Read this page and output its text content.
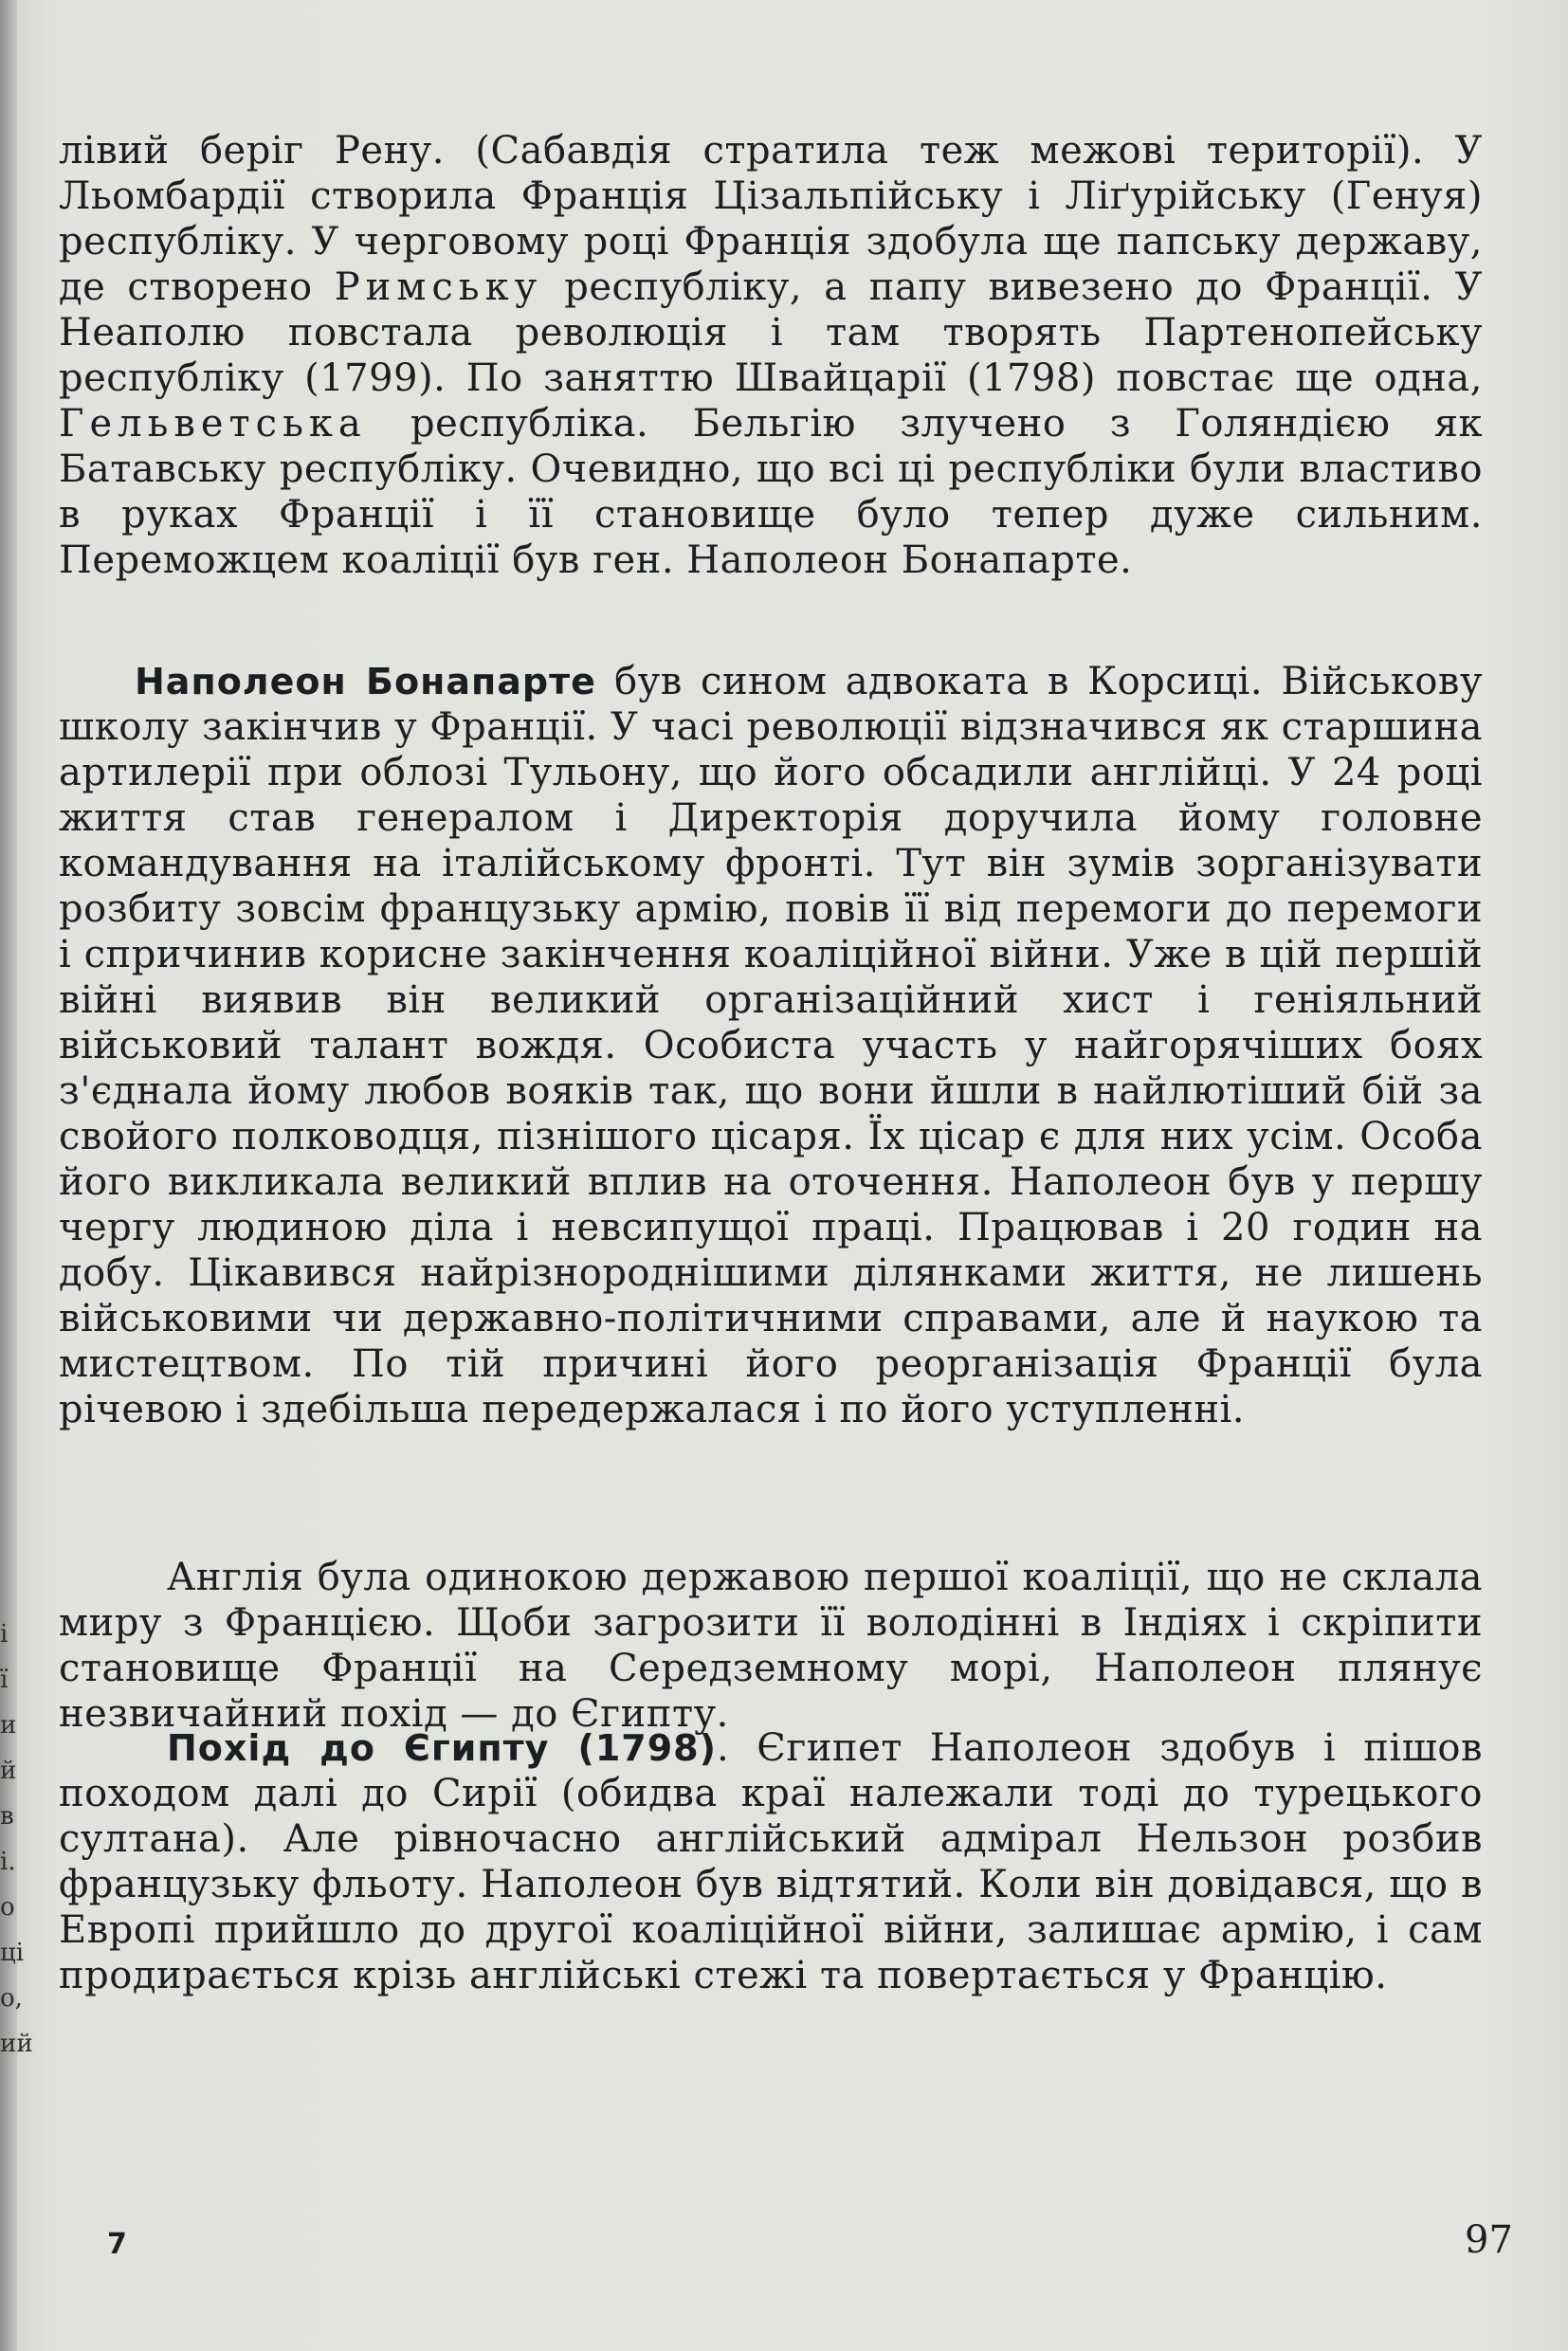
і
ї
и
й
в
і.
о
ці
о,
ий

лівий беріг Рену. (Сабавдія стратила теж межові території). У Льомбардії створила Франція Цізальпійську і Ліґурійську (Генуя) республіку. У черговому році Франція здобула ще папську державу, де створено Римську республіку, а папу вивезено до Франції. У Неаполю повстала революція і там творять Партенопейську республіку (1799). По заняттю Швайцарії (1798) повстає ще одна, Гельветська республіка. Бельгію злучено з Голяндією як Батавську республіку. Очевидно, що всі ці республіки були властиво в руках Франції і її становище було тепер дуже сильним. Переможцем коаліції був ген. Наполеон Бонапарте.

Наполеон Бонапарте був сином адвоката в Корсиці. Військову школу закінчив у Франції. У часі революції відзначився як старшина артилерії при облозі Тульону, що його обсадили англійці. У 24 році життя став генералом і Директорія доручила йому головне командування на італійському фронті. Тут він зумів зорганізувати розбиту зовсім французьку армію, повів її від перемоги до перемоги і спричинив корисне закінчення коаліційної війни. Уже в цій першій війні виявив він великий організаційний хист і геніяльний військовий талант вождя. Особиста участь у найгорячіших боях з'єднала йому любов вояків так, що вони йшли в найлютіший бій за свойого полководця, пізнішого цісаря. Їх цісар є для них усім. Особа його викликала великий вплив на оточення. Наполеон був у першу чергу людиною діла і невсипущої праці. Працював і 20 годин на добу. Цікавився найрізнороднішими ділянками життя, не лишень військовими чи державно-політичними справами, але й наукою та мистецтвом. По тій причині його реорганізація Франції була річевою і здебільша передержалася і по його уступленні.

Англія була одинокою державою першої коаліції, що не склала миру з Францією. Щоби загрозити її володінні в Індіях і скріпити становище Франції на Середземному морі, Наполеон плянує незвичайний похід — до Єгипту.

Похід до Єгипту (1798). Єгипет Наполеон здобув і пішов походом далі до Сирії (обидва краї належали тоді до турецького султана). Але рівночасно англійський адмірал Нельзон розбив французьку фльоту. Наполеон був відтятий. Коли він довідався, що в Европі прийшло до другої коаліційної війни, залишає армію, і сам продирається крізь англійські стежі та повертається у Францію.

7	97
